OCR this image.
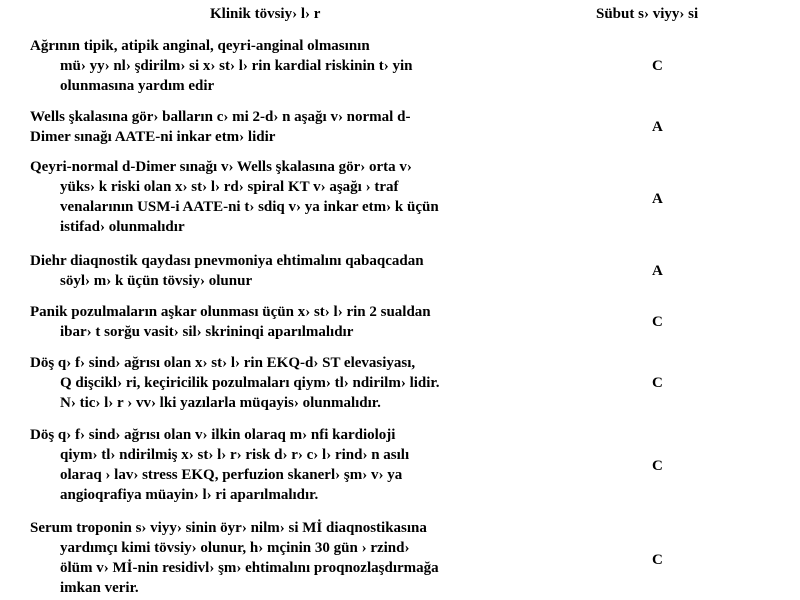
Klinik tövsiy› l› r	Sübut s› viyy› si
Ağrının tipik, atipik anginal, qeyri-anginal olmasının
mü› yy› nl› şdirilm› si x› st› l› rin kardial riskinin t› yin
olunmasına yardım edir
C
Wells şkalasına gör› balların c› mi 2-d› n aşağı v› normal d-
Dimer sınağı AATE-ni inkar etm› lidir
A
Qeyri-normal d-Dimer sınağı v› Wells şkalasına gör› orta v›
yüks› k riski olan x› st› l› rd› spiral KT v› aşağı › traf
venalarının USM-i AATE-ni t› sdiq v› ya inkar etm› k üçün
istifad› olunmalıdır
A
Diehr diaqnostik qaydası pnevmoniya ehtimalını qabaqcadan
söyl› m› k üçün tövsiy› olunur
A
Panik pozulmaların aşkar olunması üçün x› st› l› rin 2 sualdan
ibar› t sorğu vasit› sil› skrininqi aparılmalıdır
C
Döş q› f› sind› ağrısı olan x› st› l› rin EKQ-d› ST elevasiyası,
Q dişcikl› ri, keçiricilik pozulmaları qiym› tl› ndirilm› lidir.
N› tic› l› r › vv› lki yazılarla müqayis› olunmalıdır.
C
Döş q› f› sind› ağrısı olan v› ilkin olaraq m› nfi kardioloji
qiym› tl› ndirilmiş x› st› l› r› risk d› r› c› l› rind› n asılı
olaraq › lav› stress EKQ, perfuzion skanerl› şm› v› ya
angioqrafiya müayin› l› ri aparılmalıdır.
C
Serum troponin s› viyy› sinin öyr› nilm› si Mİ diaqnostikasına
yardımçı kimi tövsiy› olunur, h› mçinin 30 gün › rzind›
ölüm v› Mİ-nin residivl› şm› ehtimalını proqnozlaşdırmağa
imkan verir.
C
